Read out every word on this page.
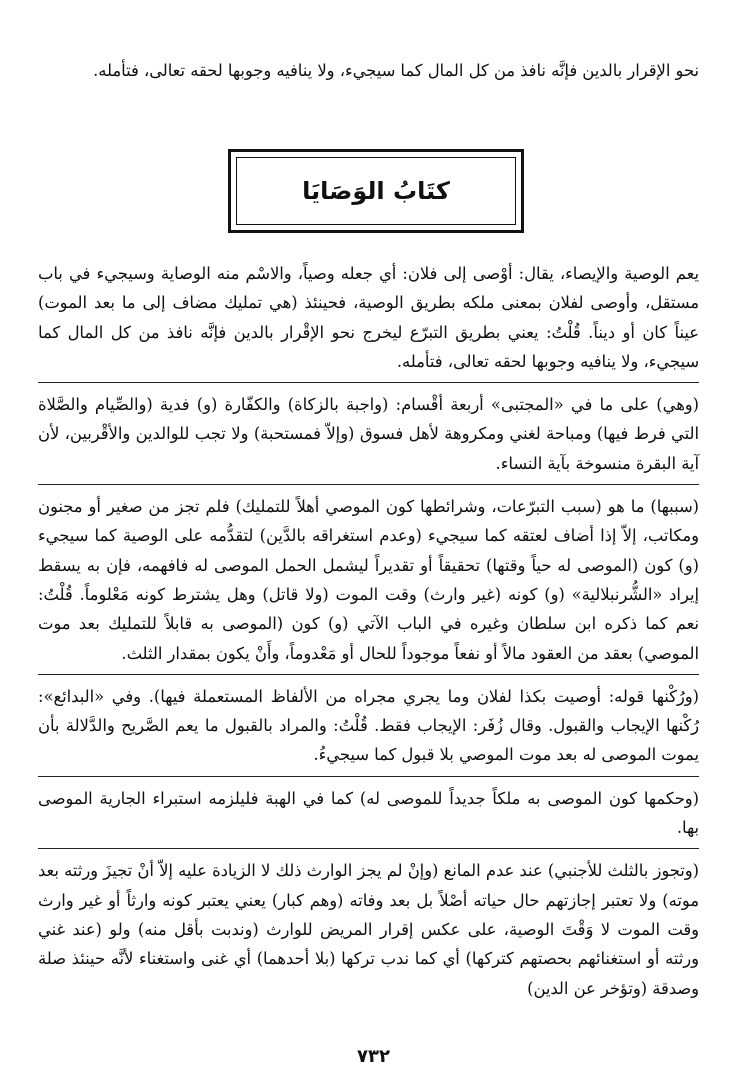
نحو الإقرار بالدين فإنَّه نافذ من كل المال كما سيجيء، ولا ينافيه وجوبها لحقه تعالى، فتأمله.

كتَابُ الوَصَايَا

يعم الوصية والإيصاء، يقال: أوْصى إلى فلان: أي جعله وصياً، والاسْم منه الوصاية وسيجيء في باب مستقل، وأوصى لفلان بمعنى ملكه بطريق الوصية، فحينئذ (هي تمليك مضاف إلى ما بعد الموت) عيناً كان أو ديناً. قُلْتُ: يعني بطريق التبرّع ليخرج نحو الإقْرار بالدين فإنَّه نافذ من كل المال كما سيجيء، ولا ينافيه وجوبها لحقه تعالى، فتأمله.

(وهي) على ما في «المجتبى» أربعة أقْسام: (واجبة بالزكاة) والكفّارة (و) فدية (والصِّيام والصَّلاة التي فرط فيها) ومباحة لغني ومكروهة لأهل فسوق (وإلاّ فمستحبة) ولا تجب للوالدين والأقْربين، لأن آية البقرة منسوخة بآية النساء.

(سببها) ما هو (سبب التبرّعات، وشرائطها كون الموصي أهلاً للتمليك) فلم تجز من صغير أو مجنون ومكاتب، إلاّ إذا أضاف لعتقه كما سيجيء (وعدم استغراقه بالدَّين) لتقدُّمه على الوصية كما سيجيء (و) كون (الموصى له حياً وقتها) تحقيقاً أو تقديراً ليشمل الحمل الموصى له فافهمه، فإن به يسقط إيراد «الشُّرنبلالية» (و) كونه (غير وارث) وقت الموت (ولا قاتل) وهل يشترط كونه مَعْلوماً. قُلْتُ: نعم كما ذكره ابن سلطان وغيره في الباب الآتي (و) كون (الموصى به قابلاً للتمليك بعد موت الموصي) بعقد من العقود مالاً أو نفعاً موجوداً للحال أو مَعْدوماً، وأَنْ يكون بمقدار الثلث.

(ورُكْنها قوله: أوصيت بكذا لفلان وما يجري مجراه من الألفاظ المستعملة فيها). وفي «البدائع»: رُكْنها الإيجاب والقبول. وقال زُفَر: الإيجاب فقط. قُلْتُ: والمراد بالقبول ما يعم الصَّريح والدَّلالة بأن يموت الموصى له بعد موت الموصي بلا قبول كما سيجيءُ.

(وحكمها كون الموصى به ملكاً جديداً للموصى له) كما في الهبة فليلزمه استبراء الجارية الموصى بها.

(وتجوز بالثلث للأجنبي) عند عدم المانع (وإنْ لم يجز الوارث ذلك لا الزيادة عليه إلاّ أنْ تجيزَ ورثته بعد موته) ولا تعتبر إجازتهم حال حياته أصْلاً بل بعد وفاته (وهم كبار) يعني يعتبر كونه وارثاً أو غير وارث وقت الموت لا وَقْتَ الوصية، على عكس إقرار المريض للوارث (وندبت بأقل منه) ولو (عند غني ورثته أو استغنائهم بحصتهم كتركها) أي كما ندب تركها (بلا أحدهما) أي غنى واستغناء لأنَّه حينئذ صلة وصدقة (وتؤخر عن الدين)

٧٣٢
